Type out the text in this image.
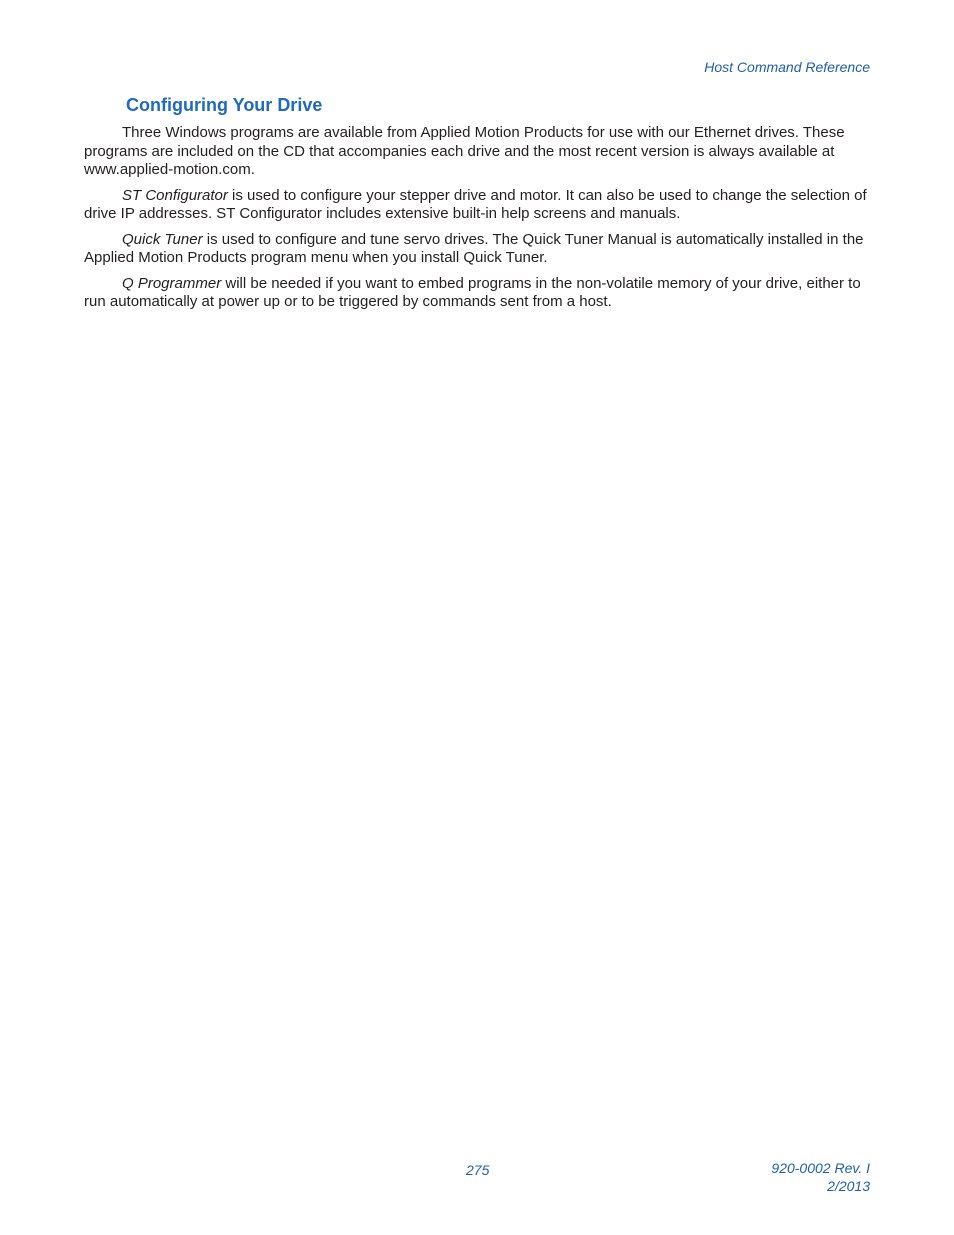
Host Command Reference
Configuring Your Drive

Three Windows programs are available from Applied Motion Products for use with our Ethernet drives. These programs are included on the CD that accompanies each drive and the most recent version is always available at www.applied-motion.com.

ST Configurator is used to configure your stepper drive and motor. It can also be used to change the selection of drive IP addresses. ST Configurator includes extensive built-in help screens and manuals.

Quick Tuner is used to configure and tune servo drives. The Quick Tuner Manual is automatically installed in the Applied Motion Products program menu when you install Quick Tuner.

Q Programmer will be needed if you want to embed programs in the non-volatile memory of your drive, either to run automatically at power up or to be triggered by commands sent from a host.

275	920-0002 Rev. I
2/2013
